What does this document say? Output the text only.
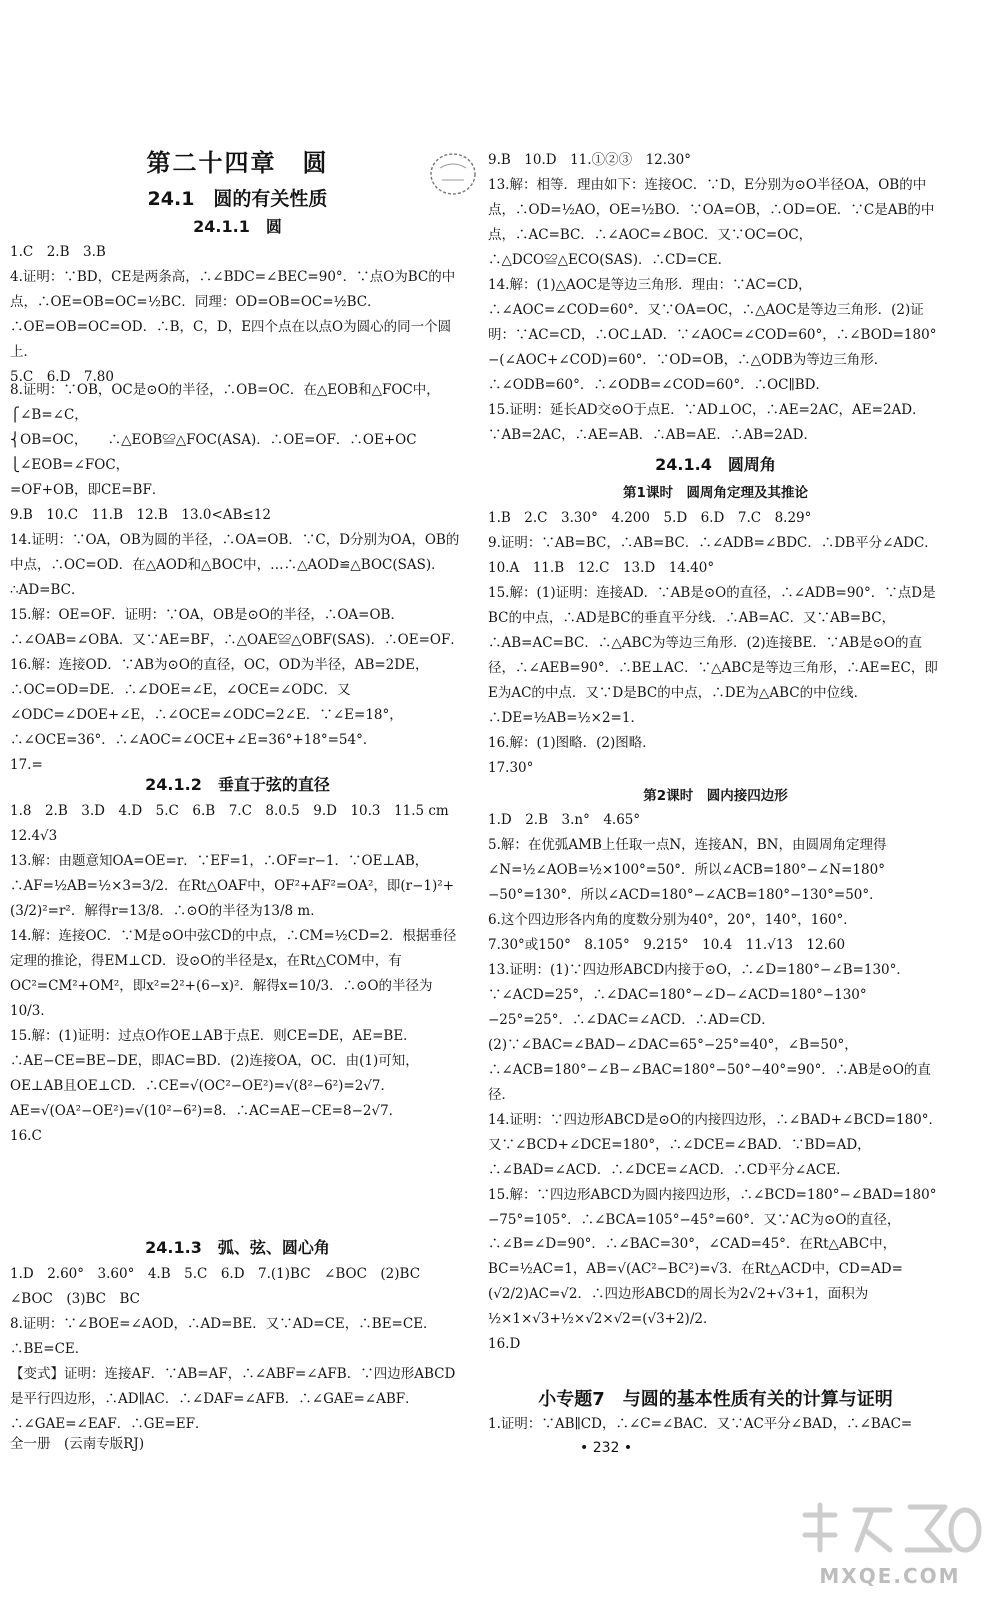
第二十四章　圆
24.1　圆的有关性质
24.1.1　圆
1.C　2.B　3.B
4.证明：∵BD，CE是两条高，∴∠BDC=∠BEC=90°．∵点O为BC的中点，∴OE=OB=OC=½BC．同理：OD=OB=OC=½BC．∴OE=OB=OC=OD．∴B，C，D，E四个点在以点O为圆心的同一个圆上．
5.C　6.D　7.80
8.证明：∵OB，OC是⊙O的半径，∴OB=OC．在△EOB和△FOC中，
⎧∠B=∠C，
⎨OB=OC，　　∴△EOB≌△FOC(ASA)．∴OE=OF．∴OE+OC
⎩∠EOB=∠FOC，
=OF+OB，即CE=BF．
9.B　10.C　11.B　12.B　13.0<AB≤12
14.证明：∵OA，OB为圆的半径，∴OA=OB．∵C，D分别为OA，OB的中点，∴OC=OD．在△AOD和△BOC中，…∴△AOD≌△BOC(SAS)．∴AD=BC．
15.解：OE=OF．证明：∵OA，OB是⊙O的半径，∴OA=OB．∴∠OAB=∠OBA．又∵AE=BF，∴△OAE≌△OBF(SAS)．∴OE=OF．
16.解：连接OD．∵AB为⊙O的直径，OC，OD为半径，AB=2DE，∴OC=OD=DE．∴∠DOE=∠E，∠OCE=∠ODC．又∠ODC=∠DOE+∠E，∴∠OCE=∠ODC=2∠E．∵∠E=18°，∴∠OCE=36°．∴∠AOC=∠OCE+∠E=36°+18°=54°．
17.=
24.1.2　垂直于弦的直径
1.8　2.B　3.D　4.D　5.C　6.B　7.C　8.0.5　9.D　10.3　11.5 cm
12.4√3
13.解：由题意知OA=OE=r．∵EF=1，∴OF=r−1．∵OE⊥AB，∴AF=½AB=½×3=3/2．在Rt△OAF中，OF²+AF²=OA²，即(r−1)²+(3/2)²=r²．解得r=13/8．∴⊙O的半径为13/8 m．
14.解：连接OC．∵M是⊙O中弦CD的中点，∴CM=½CD=2．根据垂径定理的推论，得EM⊥CD．设⊙O的半径是x，在Rt△COM中，有OC²=CM²+OM²，即x²=2²+(6−x)²．解得x=10/3．∴⊙O的半径为
10/3．
15.解：(1)证明：过点O作OE⊥AB于点E．则CE=DE，AE=BE．∴AE−CE=BE−DE，即AC=BD．(2)连接OA，OC．由(1)可知，OE⊥AB且OE⊥CD．∴CE=√(OC²−OE²)=√(8²−6²)=2√7．AE=√(OA²−OE²)=√(10²−6²)=8．∴AC=AE−CE=8−2√7．
16.C
24.1.3　弧、弦、圆心角
1.D　2.60°　3.60°　4.B　5.C　6.D　7.(1)BC　∠BOC　(2)BC
∠BOC　(3)BC　BC
8.证明：∵∠BOE=∠AOD，∴AD=BE．又∵AD=CE，∴BE=CE．∴BE=CE．
【变式】证明：连接AF．∵AB=AF，∴∠ABF=∠AFB．∵四边形ABCD是平行四边形，∴AD∥AC．∴∠DAF=∠AFB．∴∠GAE=∠ABF．∴∠GAE=∠EAF．∴GE=EF．
9.B　10.D　11.①②③　12.30°
13.解：相等．理由如下：连接OC．∵D，E分别为⊙O半径OA，OB的中点，∴OD=½AO，OE=½BO．∵OA=OB，∴OD=OE．∵C是AB的中点，∴AC=BC．∴∠AOC=∠BOC．又∵OC=OC，∴△DCO≌△ECO(SAS)．∴CD=CE．
14.解：(1)△AOC是等边三角形．理由：∵AC=CD，∴∠AOC=∠COD=60°．又∵OA=OC，∴△AOC是等边三角形．(2)证明：∵AC=CD，∴OC⊥AD．∵∠AOC=∠COD=60°，∴∠BOD=180°−(∠AOC+∠COD)=60°．∵OD=OB，∴△ODB为等边三角形．∴∠ODB=60°．∴∠ODB=∠COD=60°．∴OC∥BD．
15.证明：延长AD交⊙O于点E．∵AD⊥OC，∴AE=2AC，AE=2AD．∵AB=2AC，∴AE=AB．∴AB=AE．∴AB=2AD．
24.1.4　圆周角
第1课时　圆周角定理及其推论
1.B　2.C　3.30°　4.200　5.D　6.D　7.C　8.29°
9.证明：∵AB=BC，∴AB=BC．∴∠ADB=∠BDC．∴DB平分∠ADC．
10.A　11.B　12.C　13.D　14.40°
15.解：(1)证明：连接AD．∵AB是⊙O的直径，∴∠ADB=90°．∵点D是BC的中点，∴AD是BC的垂直平分线．∴AB=AC．又∵AB=BC，∴AB=AC=BC．∴△ABC为等边三角形．(2)连接BE．∵AB是⊙O的直径，∴∠AEB=90°．∴BE⊥AC．∵△ABC是等边三角形，∴AE=EC，即E为AC的中点．又∵D是BC的中点，∴DE为△ABC的中位线．∴DE=½AB=½×2=1．
16.解：(1)图略．(2)图略．
17.30°
第2课时　圆内接四边形
1.D　2.B　3.n°　4.65°
5.解：在优弧AMB上任取一点N，连接AN，BN，由圆周角定理得∠N=½∠AOB=½×100°=50°．所以∠ACB=180°−∠N=180°−50°=130°．所以∠ACD=180°−∠ACB=180°−130°=50°．
6.这个四边形各内角的度数分别为40°，20°，140°，160°．
7.30°或150°　8.105°　9.215°　10.4　11.√13　12.60
13.证明：(1)∵四边形ABCD内接于⊙O，∴∠D=180°−∠B=130°．∵∠ACD=25°，∴∠DAC=180°−∠D−∠ACD=180°−130°−25°=25°．∴∠DAC=∠ACD．∴AD=CD．(2)∵∠BAC=∠BAD−∠DAC=65°−25°=40°，∠B=50°，∴∠ACB=180°−∠B−∠BAC=180°−50°−40°=90°．∴AB是⊙O的直径．
14.证明：∵四边形ABCD是⊙O的内接四边形，∴∠BAD+∠BCD=180°．又∵∠BCD+∠DCE=180°，∴∠DCE=∠BAD．∵BD=AD，∴∠BAD=∠ACD．∴∠DCE=∠ACD．∴CD平分∠ACE．
15.解：∵四边形ABCD为圆内接四边形，∴∠BCD=180°−∠BAD=180°−75°=105°．∴∠BCA=105°−45°=60°．又∵AC为⊙O的直径，∴∠B=∠D=90°．∴∠BAC=30°，∠CAD=45°．在Rt△ABC中，BC=½AC=1，AB=√(AC²−BC²)=√3．在Rt△ACD中，CD=AD=
(√2/2)AC=√2．∴四边形ABCD的周长为2√2+√3+1，面积为½×1×√3+½×√2×√2=(√3+2)/2．
16.D
小专题7　与圆的基本性质有关的计算与证明
1.证明：∵AB∥CD，∴∠C=∠BAC．又∵AC平分∠BAD，∴∠BAC=
全一册　(云南专版RJ)	• 232 •
MXQE.COM
